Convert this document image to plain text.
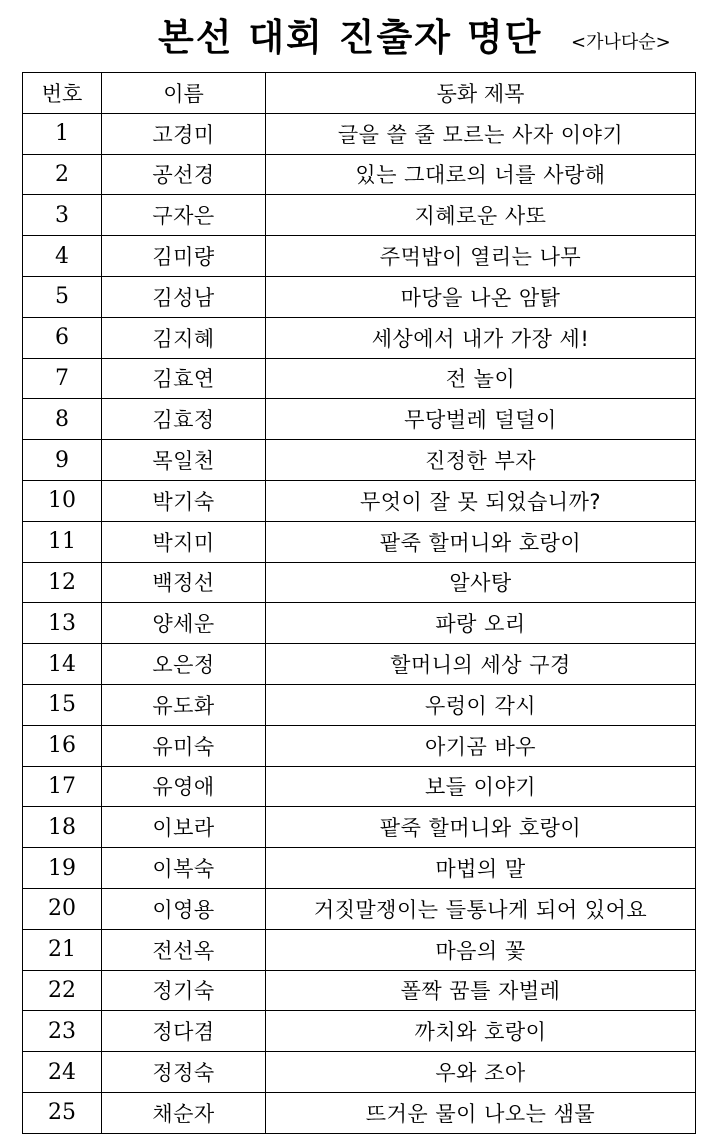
본선 대회 진출자 명단 <가나다순>
번호	이름	동화 제목
1	고경미	글을 쓸 줄 모르는 사자 이야기
2	공선경	있는 그대로의 너를 사랑해
3	구자은	지혜로운 사또
4	김미량	주먹밥이 열리는 나무
5	김성남	마당을 나온 암탉
6	김지혜	세상에서 내가 가장 세!
7	김효연	전 놀이
8	김효정	무당벌레 덜덜이
9	목일천	진정한 부자
10	박기숙	무엇이 잘 못 되었습니까?
11	박지미	팥죽 할머니와 호랑이
12	백정선	알사탕
13	양세운	파랑 오리
14	오은정	할머니의 세상 구경
15	유도화	우렁이 각시
16	유미숙	아기곰 바우
17	유영애	보들 이야기
18	이보라	팥죽 할머니와 호랑이
19	이복숙	마법의 말
20	이영용	거짓말쟁이는 들통나게 되어 있어요
21	전선옥	마음의 꽃
22	정기숙	폴짝 꿈틀 자벌레
23	정다겸	까치와 호랑이
24	정정숙	우와 조아
25	채순자	뜨거운 물이 나오는 샘물
